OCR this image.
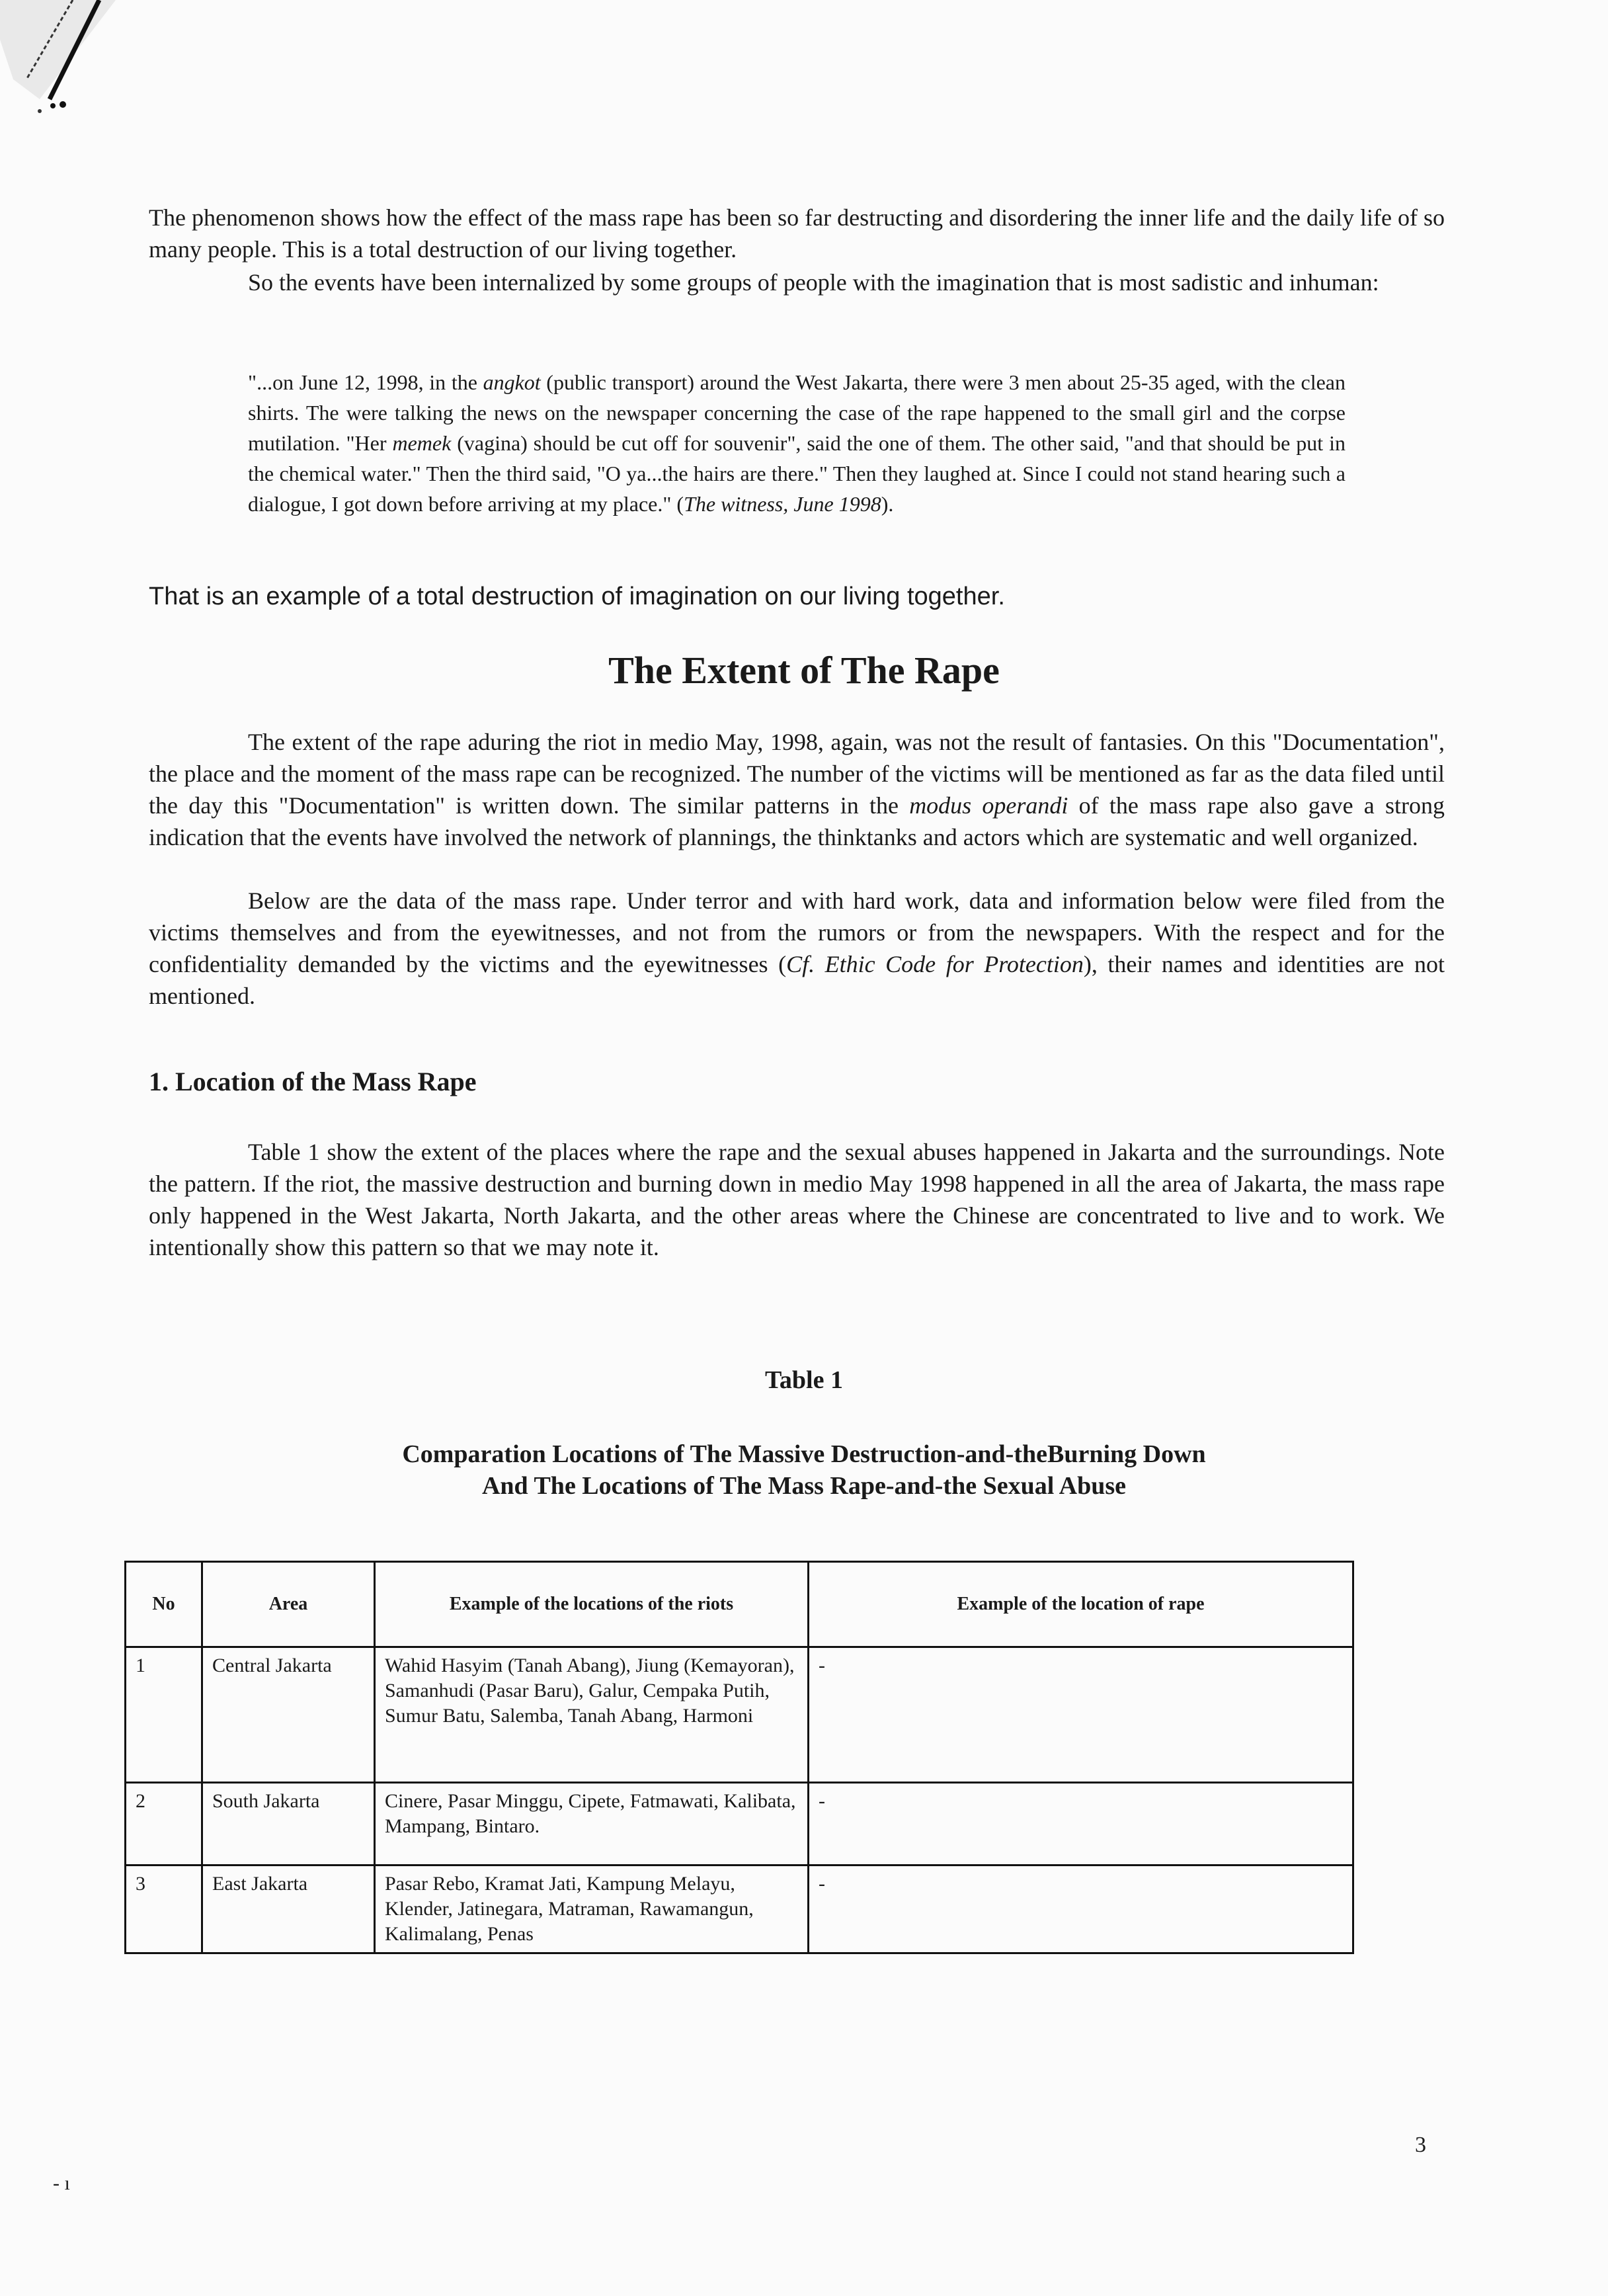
The phenomenon shows how the effect of the mass rape has been so far destructing and disordering the inner life and the daily life of so many people. This is a total destruction of our living together.

So the events have been internalized by some groups of people with the imagination that is most sadistic and inhuman:

"...on June 12, 1998, in the angkot (public transport) around the West Jakarta, there were 3 men about 25-35 aged, with the clean shirts. The were talking the news on the newspaper concerning the case of the rape happened to the small girl and the corpse mutilation. "Her memek (vagina) should be cut off for souvenir", said the one of them. The other said, "and that should be put in the chemical water." Then the third said, "O ya...the hairs are there." Then they laughed at. Since I could not stand hearing such a dialogue, I got down before arriving at my place." (The witness, June 1998).

That is an example of a total destruction of imagination on our living together.

The Extent of The Rape

The extent of the rape aduring the riot in medio May, 1998, again, was not the result of fantasies. On this "Documentation", the place and the moment of the mass rape can be recognized. The number of the victims will be mentioned as far as the data filed until the day this "Documentation" is written down. The similar patterns in the modus operandi of the mass rape also gave a strong indication that the events have involved the network of plannings, the thinktanks and actors which are systematic and well organized.

Below are the data of the mass rape. Under terror and with hard work, data and information below were filed from the victims themselves and from the eyewitnesses, and not from the rumors or from the newspapers. With the respect and for the confidentiality demanded by the victims and the eyewitnesses (Cf. Ethic Code for Protection), their names and identities are not mentioned.

1. Location of the Mass Rape

Table 1 show the extent of the places where the rape and the sexual abuses happened in Jakarta and the surroundings. Note the pattern. If the riot, the massive destruction and burning down in medio May 1998 happened in all the area of Jakarta, the mass rape only happened in the West Jakarta, North Jakarta, and the other areas where the Chinese are concentrated to live and to work. We intentionally show this pattern so that we may note it.

Table 1

Comparation Locations of The Massive Destruction-and-theBurning Down
And The Locations of The Mass Rape-and-the Sexual Abuse

No	Area	Example of the locations of the riots	Example of the location of rape
1	Central Jakarta	Wahid Hasyim (Tanah Abang), Jiung (Kemayoran), Samanhudi (Pasar Baru), Galur, Cempaka Putih, Sumur Batu, Salemba, Tanah Abang, Harmoni	-
2	South Jakarta	Cinere, Pasar Minggu, Cipete, Fatmawati, Kalibata, Mampang, Bintaro.	-
3	East Jakarta	Pasar Rebo, Kramat Jati, Kampung Melayu, Klender, Jatinegara, Matraman, Rawamangun, Kalimalang, Penas	-

3

- ı
